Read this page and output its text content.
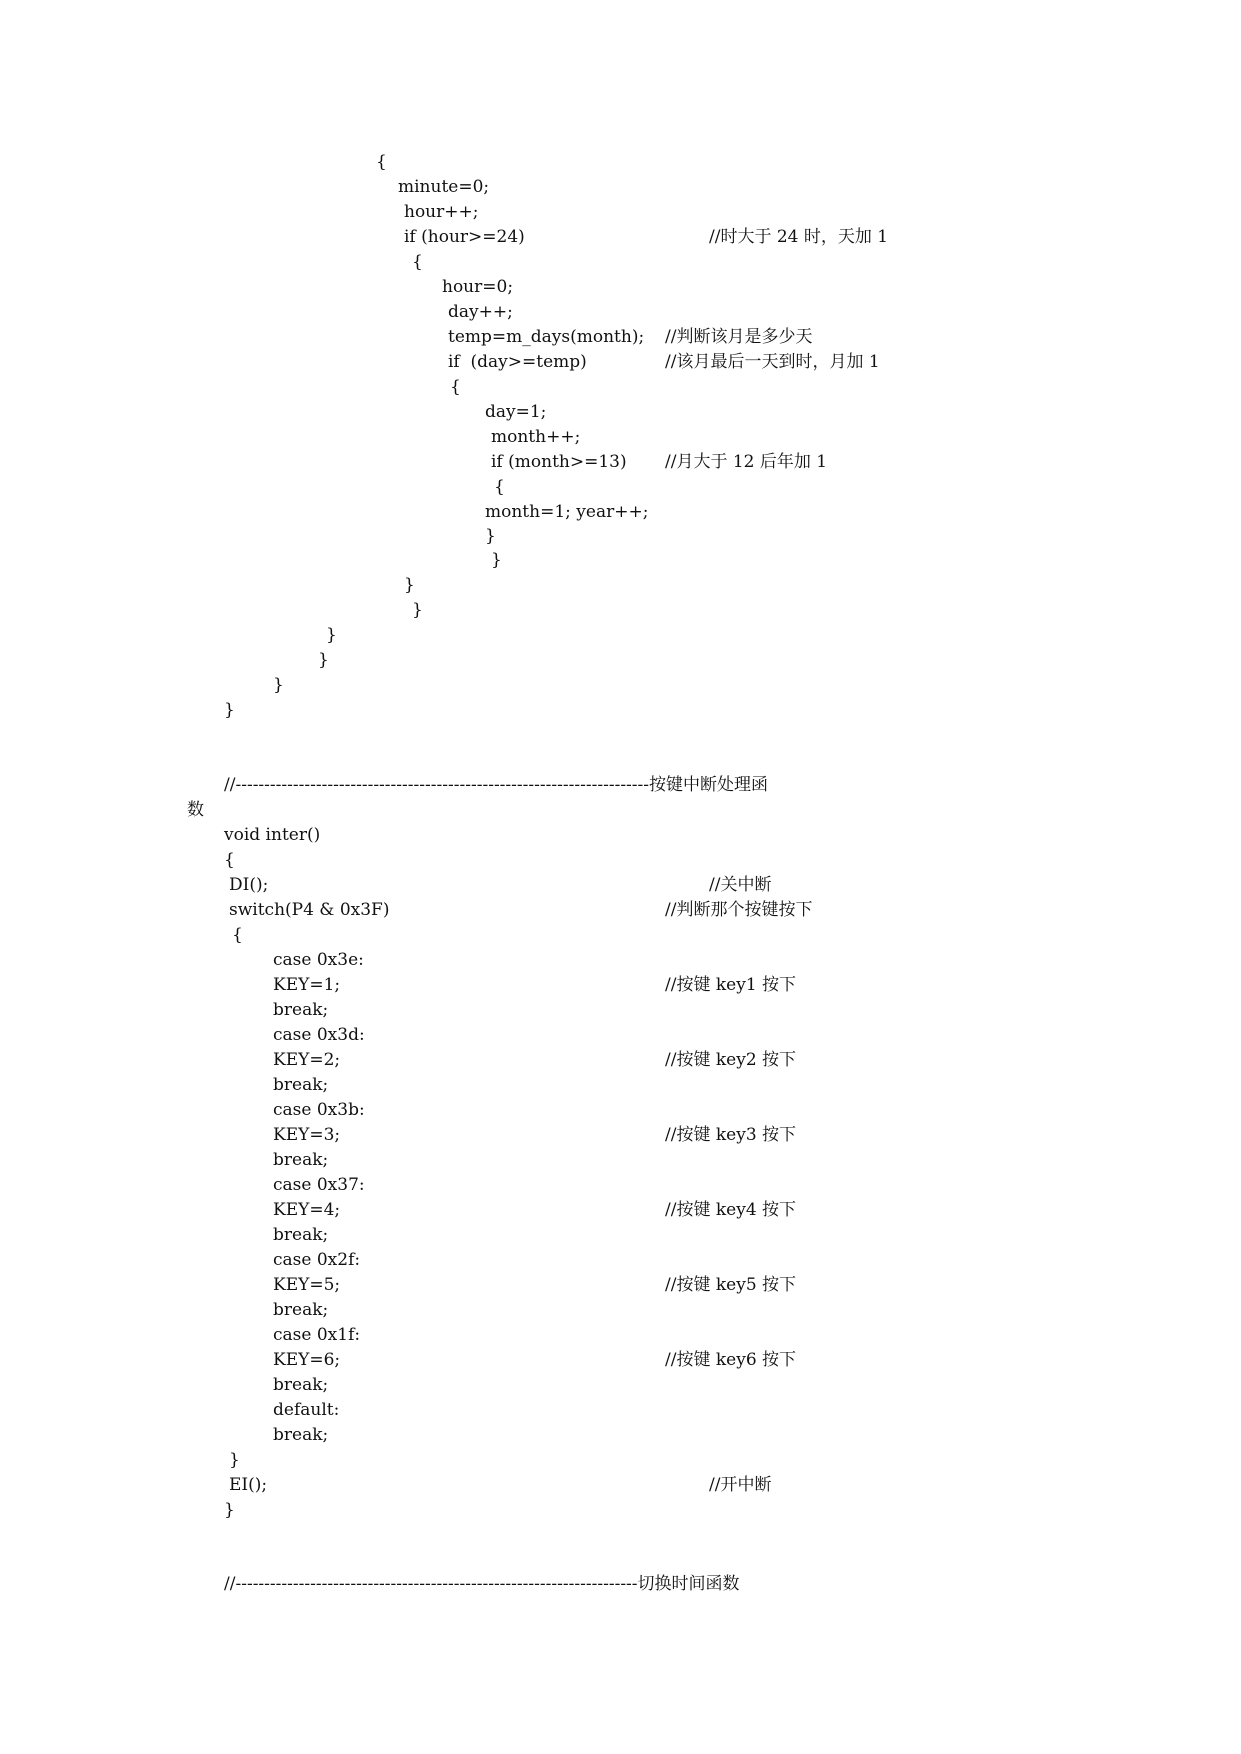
{
minute=0;
hour++;
if (hour>=24)	//时大于 24 时，天加 1
{
hour=0;
day++;
temp=m_days(month); //判断该月是多少天
if  (day>=temp)	//该月最后一天到时，月加 1
{
day=1;
month++;
if (month>=13) //月大于 12 后年加 1
{
month=1; year++;
}
}
}
}
}
}
}
}
//------------------------------------------------------------------------按键中断处理函
数
void inter()
{
DI();	//关中断
switch(P4 & 0x3F)	//判断那个按键按下
{
case 0x3e:
KEY=1;	//按键 key1 按下
break;
case 0x3d:
KEY=2;	//按键 key2 按下
break;
case 0x3b:
KEY=3;	//按键 key3 按下
break;
case 0x37:
KEY=4;	//按键 key4 按下
break;
case 0x2f:
KEY=5;	//按键 key5 按下
break;
case 0x1f:
KEY=6;	//按键 key6 按下
break;
default:
break;
}
EI();	//开中断
}
//----------------------------------------------------------------------切换时间函数
